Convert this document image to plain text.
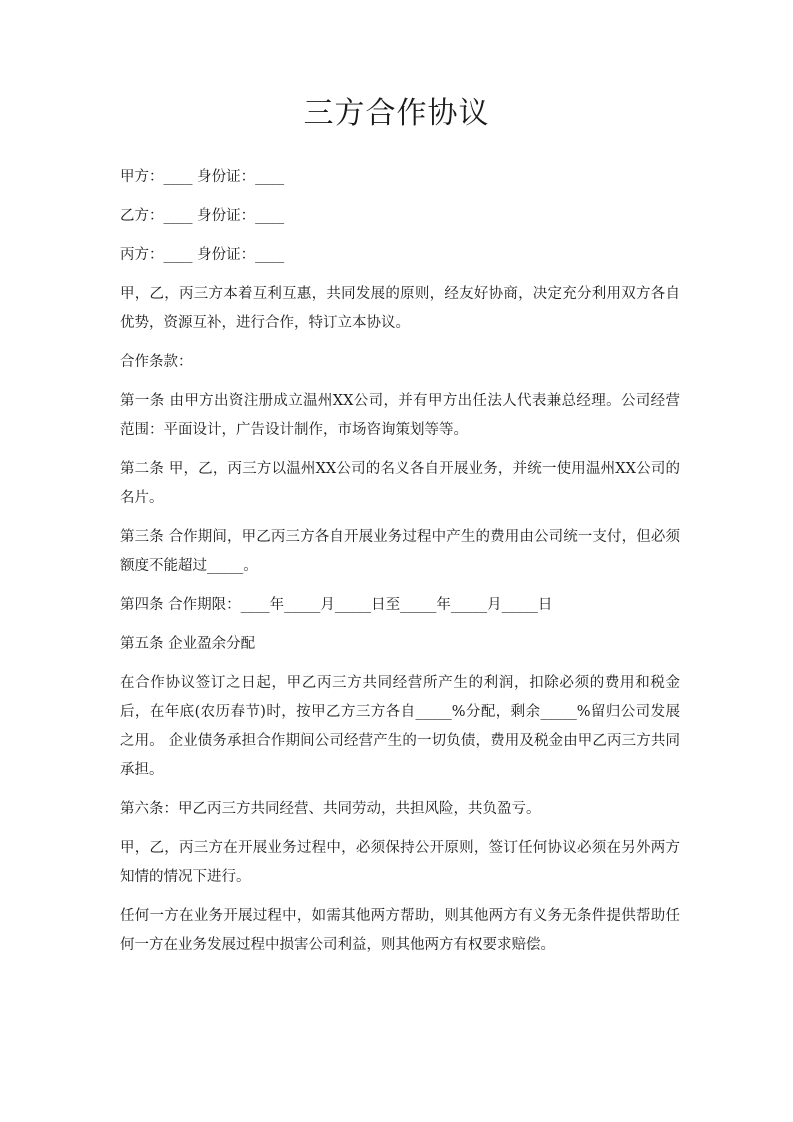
三方合作协议

甲方：____ 身份证：____

乙方：____ 身份证：____

丙方：____ 身份证：____

甲，乙，丙三方本着互利互惠，共同发展的原则，经友好协商，决定充分利用双方各自优势，资源互补，进行合作，特订立本协议。

合作条款：

第一条 由甲方出资注册成立温州XX公司，并有甲方出任法人代表兼总经理。公司经营范围：平面设计，广告设计制作，市场咨询策划等等。

第二条 甲，乙，丙三方以温州XX公司的名义各自开展业务，并统一使用温州XX公司的名片。

第三条 合作期间，甲乙丙三方各自开展业务过程中产生的费用由公司统一支付，但必须额度不能超过_____。

第四条 合作期限：____年_____月_____日至_____年_____月_____日

第五条 企业盈余分配

在合作协议签订之日起，甲乙丙三方共同经营所产生的利润，扣除必须的费用和税金后，在年底(农历春节)时，按甲乙方三方各自_____%分配，剩余_____%留归公司发展之用。 企业债务承担合作期间公司经营产生的一切负债，费用及税金由甲乙丙三方共同承担。

第六条：甲乙丙三方共同经营、共同劳动，共担风险，共负盈亏。

甲，乙，丙三方在开展业务过程中，必须保持公开原则，签订任何协议必须在另外两方知情的情况下进行。

任何一方在业务开展过程中，如需其他两方帮助，则其他两方有义务无条件提供帮助任何一方在业务发展过程中损害公司利益，则其他两方有权要求赔偿。
